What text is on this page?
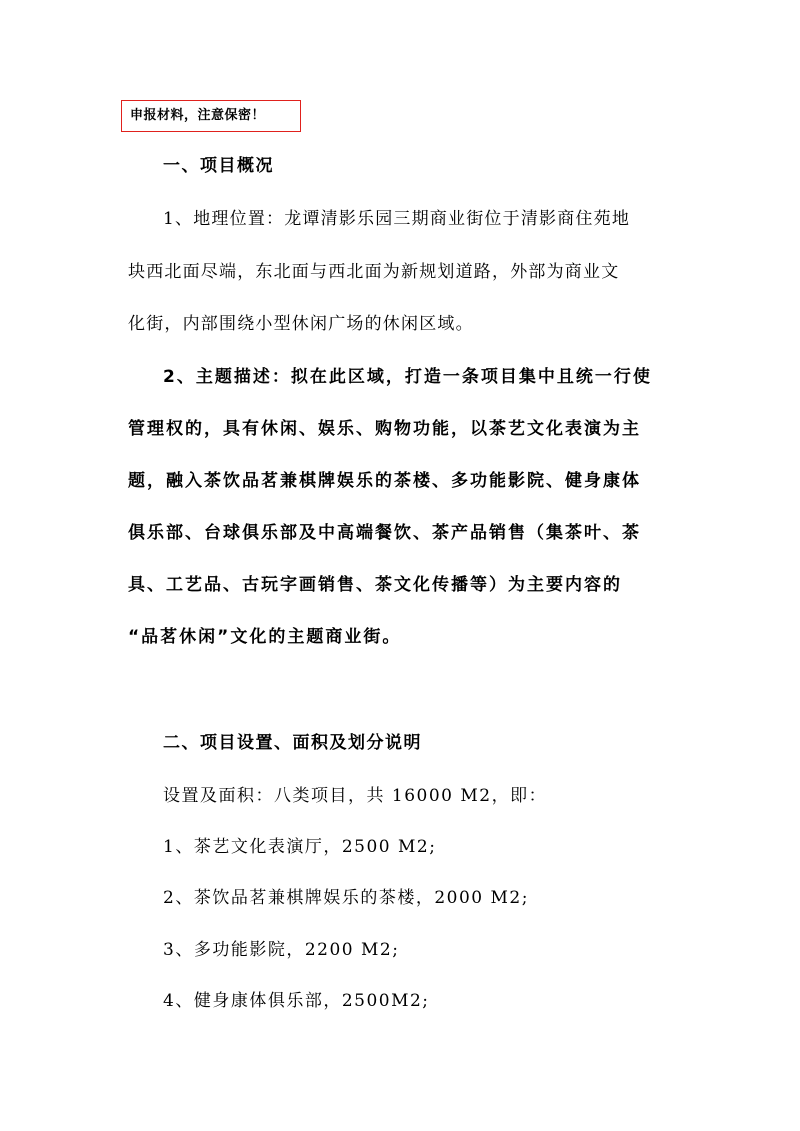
申报材料，注意保密！
一、项目概况
1、地理位置：龙谭清影乐园三期商业街位于清影商住苑地
块西北面尽端，东北面与西北面为新规划道路，外部为商业文
化街，内部围绕小型休闲广场的休闲区域。
2、主题描述：拟在此区域，打造一条项目集中且统一行使
管理权的，具有休闲、娱乐、购物功能，以茶艺文化表演为主
题，融入茶饮品茗兼棋牌娱乐的茶楼、多功能影院、健身康体
俱乐部、台球俱乐部及中高端餐饮、茶产品销售（集茶叶、茶
具、工艺品、古玩字画销售、茶文化传播等）为主要内容的
“品茗休闲”文化的主题商业街。
二、项目设置、面积及划分说明
设置及面积：八类项目，共 16000 M2，即：
1、茶艺文化表演厅，2500 M2;
2、茶饮品茗兼棋牌娱乐的茶楼，2000 M2;
3、多功能影院，2200 M2;
4、健身康体俱乐部，2500M2;
